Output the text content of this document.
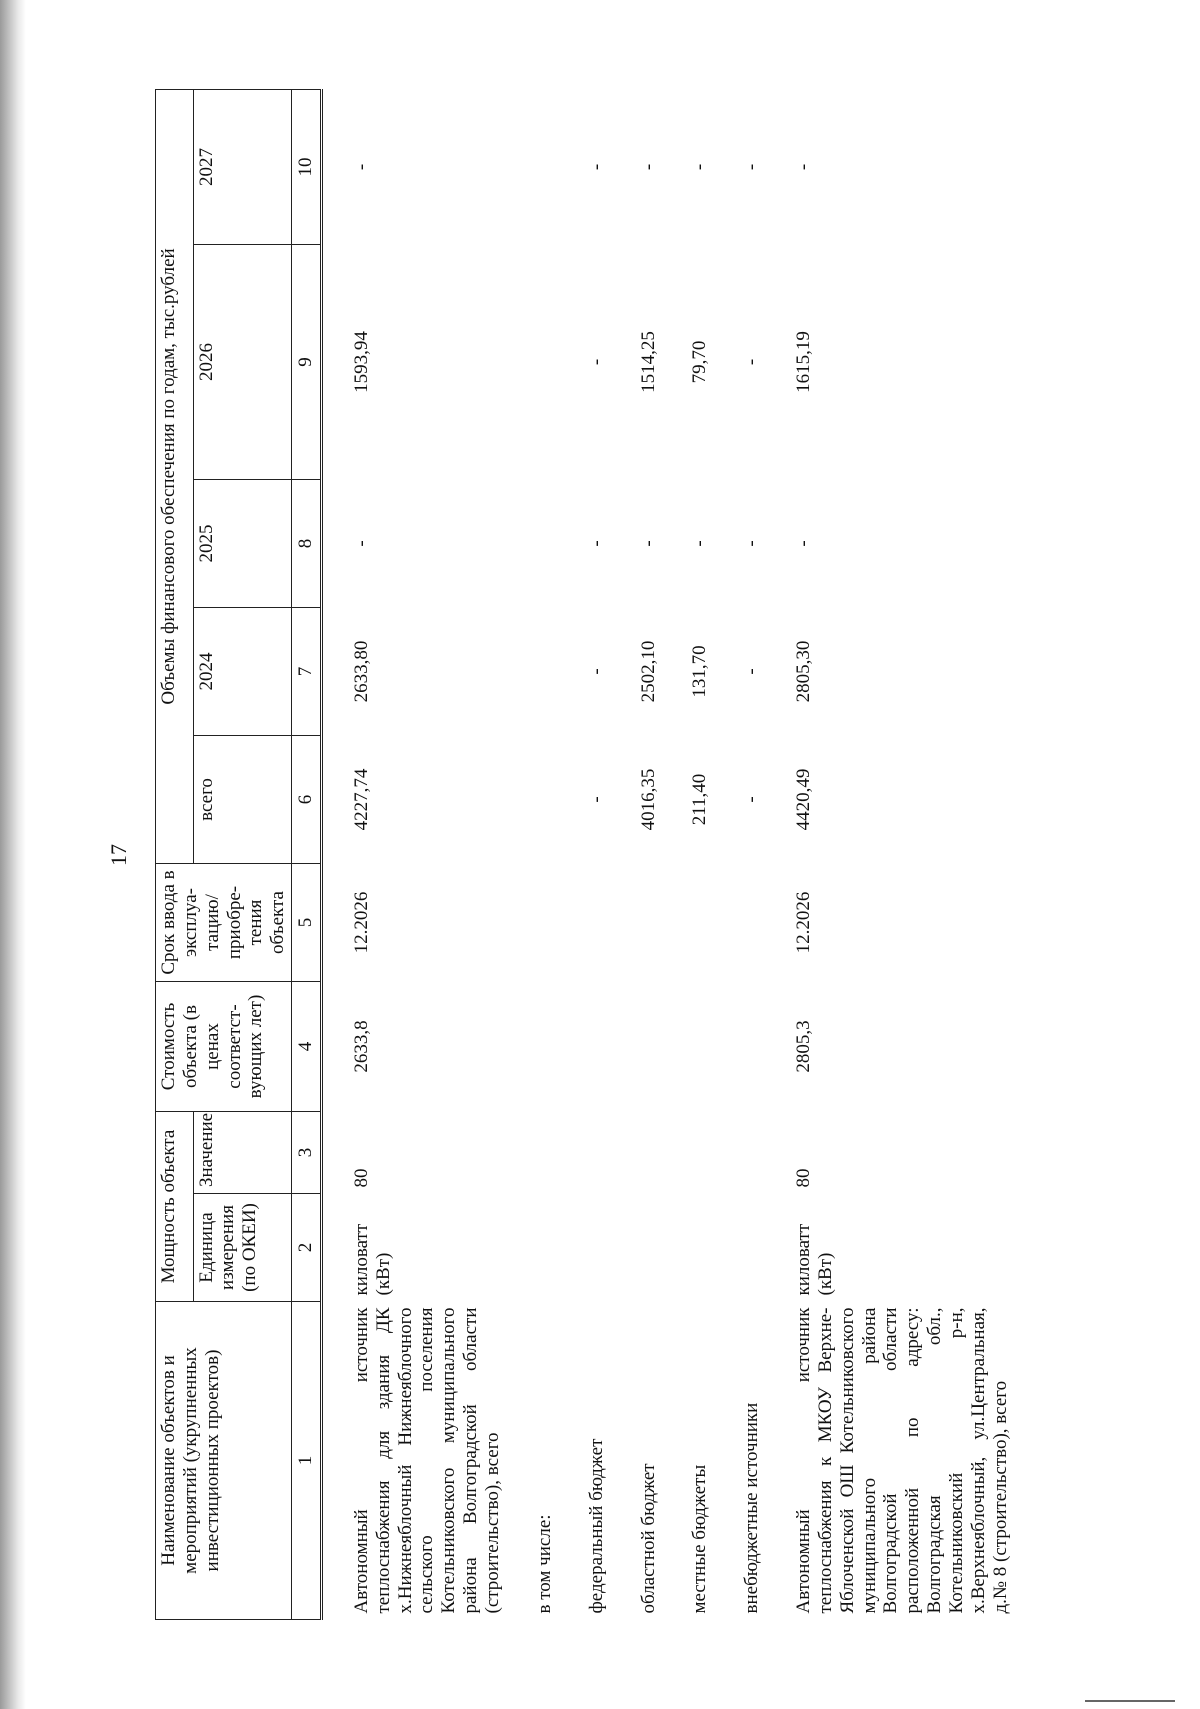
17
Наименование объектов и мероприятий (укрупненных инвестиционных проектов)	Мощность объекта		Стоимость объекта (в ценах соответст-вующих лет)	Срок ввода в эксплуа-тацию/ приобре-тения объекта	Объемы финансового обеспечения по годам, тыс.рублей				
	Единица измерения (по ОКЕИ)	Значение			всего	2024	2025	2026	2027
1	2	3	4	5	6	7	8	9	10

Автономный источник теплоснабжения для здания ДК х.Нижнеяблочный Нижнеяблочного сельского поселения Котельниковского муниципального района Волгоградской области (строительство), всего	киловатт (кВт)	80	2633,8	12.2026	4227,74	2633,80	-	1593,94	-

в том числе:									

федеральный бюджет					-	-	-	-	-

областной бюджет					4016,35	2502,10	-	1514,25	-

местные бюджеты					211,40	131,70	-	79,70	-

внебюджетные источники					-	-	-	-	-

Автономный источник теплоснабжения к МКОУ Верхне-Яблоченской ОШ Котельниковского муниципального района Волгоградской области расположенной по адресу: Волгоградская обл., Котельниковский р-н, х.Верхнеяблочный, ул.Центральная, д.№ 8 (строительство), всего	киловатт (кВт)	80	2805,3	12.2026	4420,49	2805,30	-	1615,19	-
